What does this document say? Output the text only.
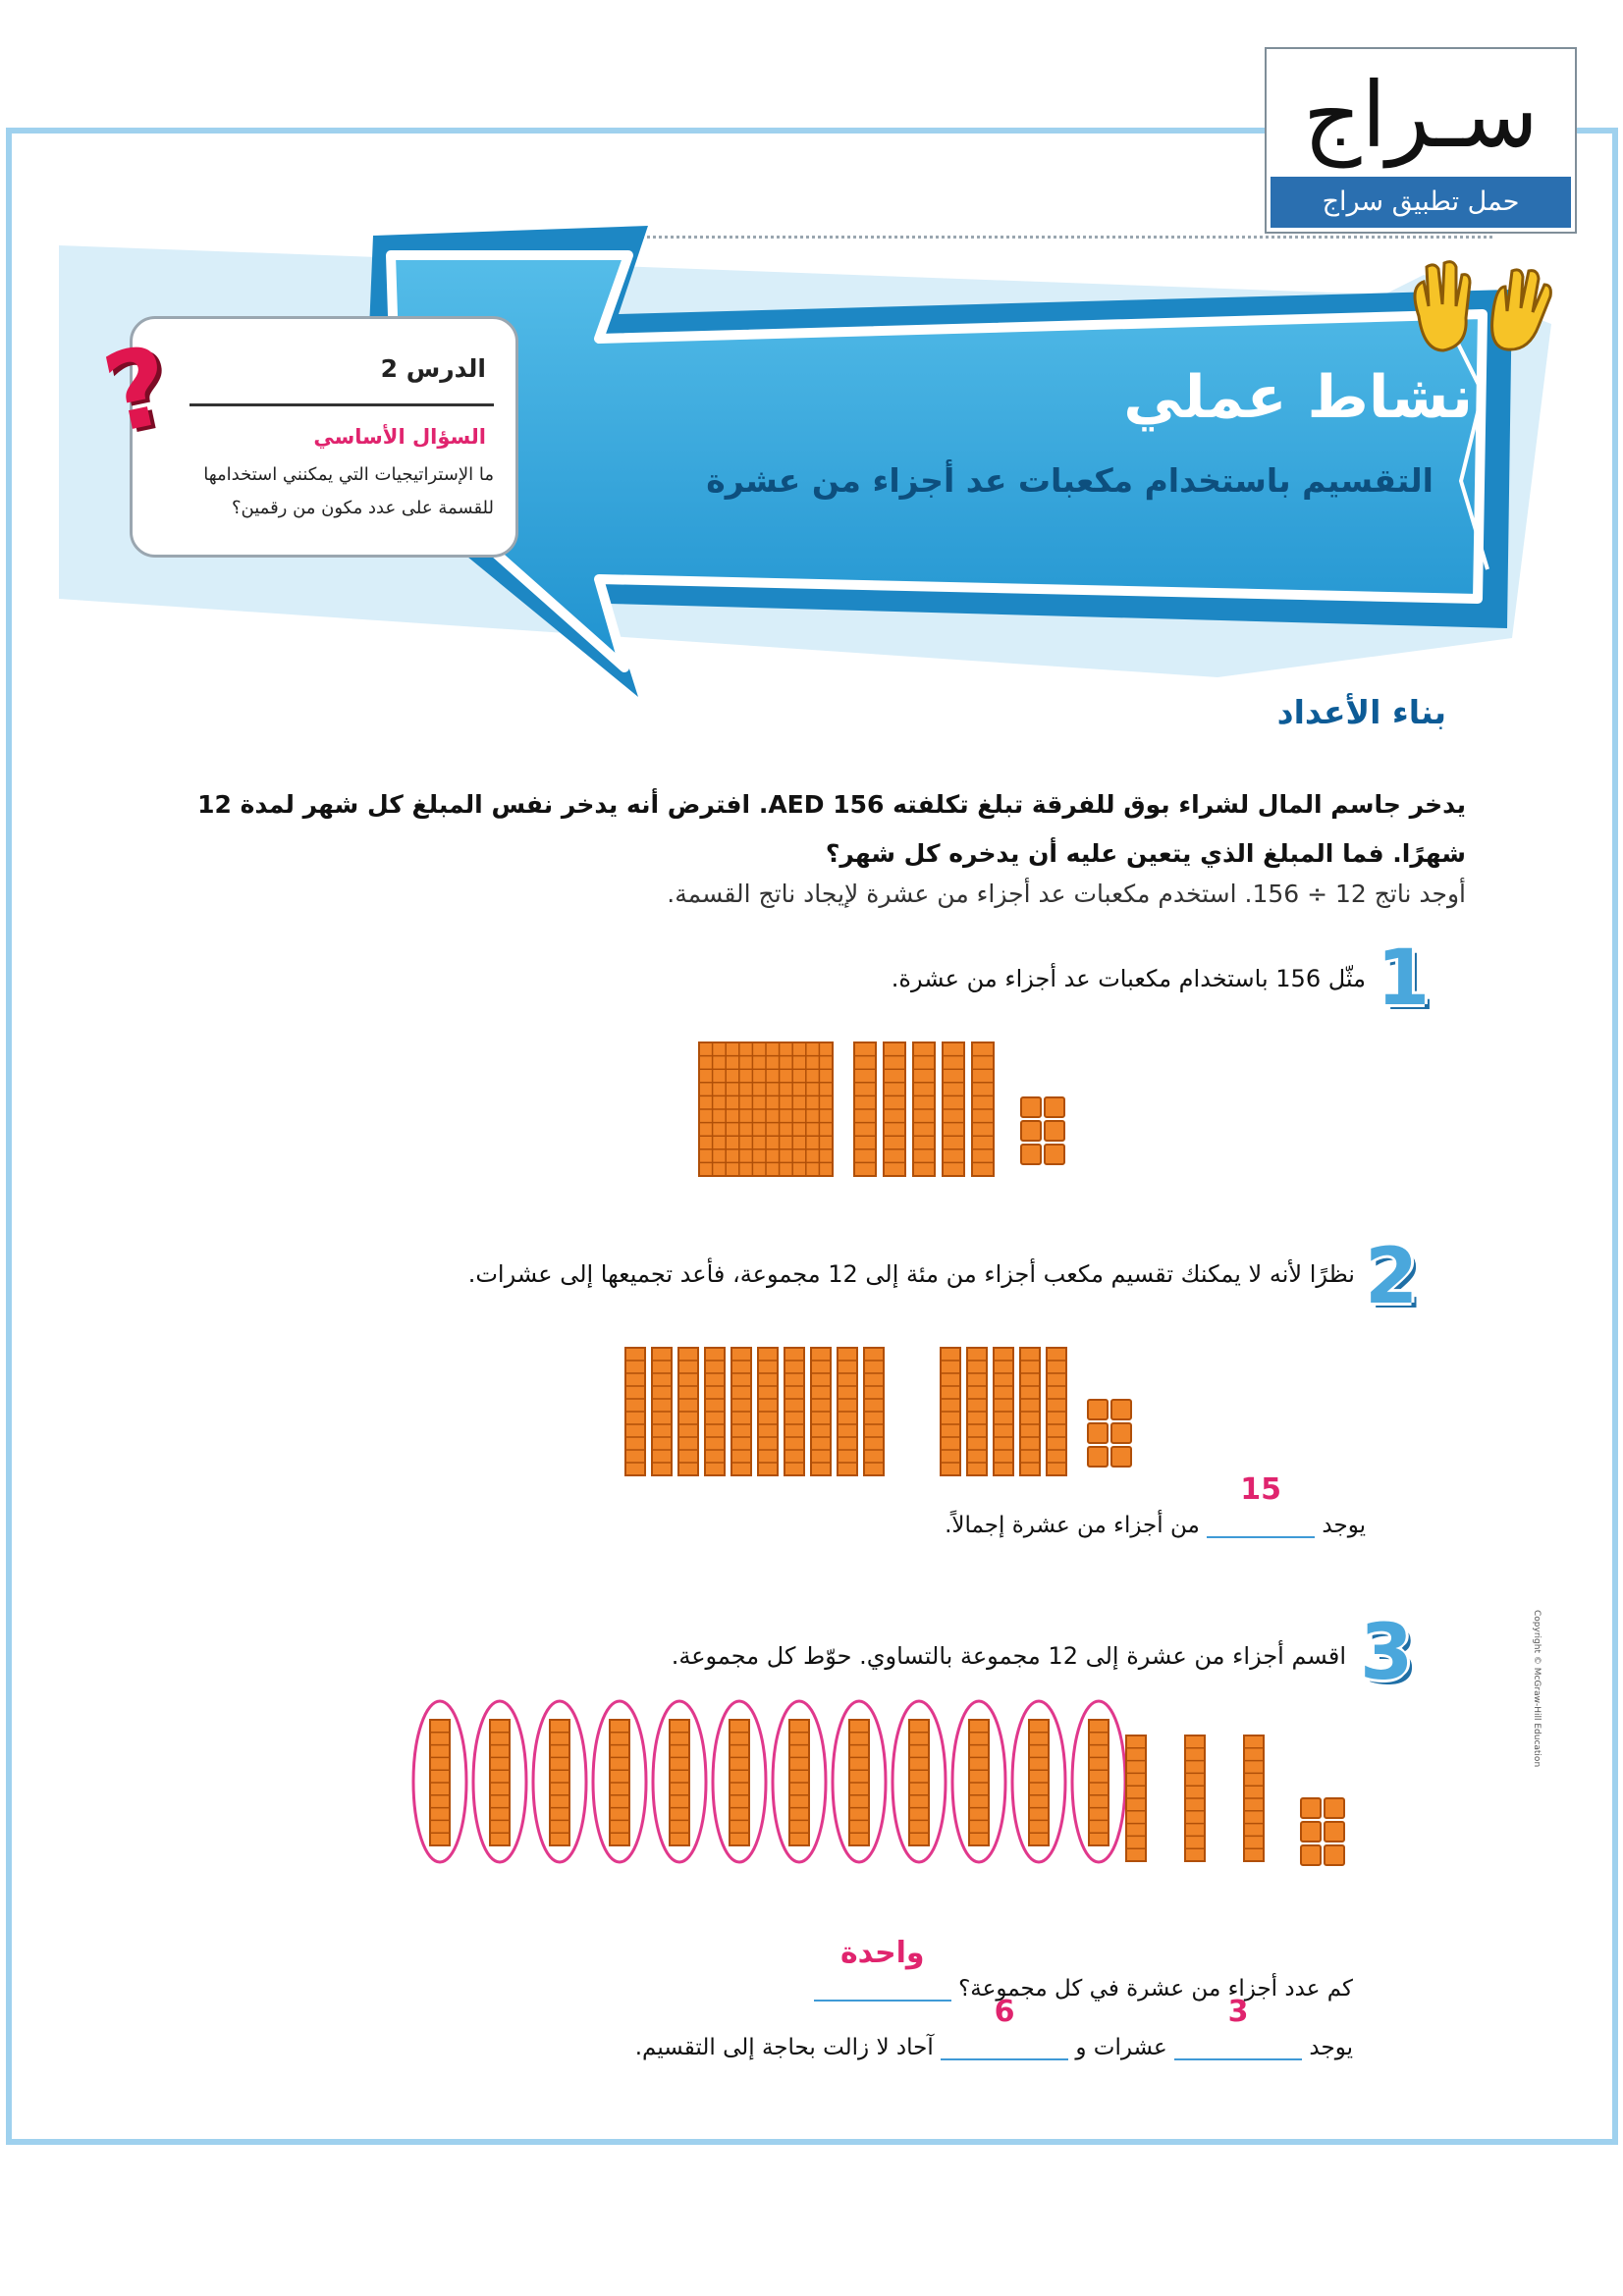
سـراج
حمل تطبيق سراج
نشاط عملي
التقسيم باستخدام مكعبات عد أجزاء من عشرة
الدرس 2
السؤال الأساسي
ما الإستراتيجيات التي يمكنني استخدامها للقسمة على عدد مكون من رقمين؟
?
بناء الأعداد
يدخر جاسم المال لشراء بوق للفرقة تبلغ تكلفته 156 AED. افترض أنه يدخر نفس المبلغ كل شهر لمدة 12 شهرًا. فما المبلغ الذي يتعين عليه أن يدخره كل شهر؟
أوجد ناتج 12 ÷ 156. استخدم مكعبات عد أجزاء من عشرة لإيجاد ناتج القسمة.
1
مثّل 156 باستخدام مكعبات عد أجزاء من عشرة.
2
نظرًا لأنه لا يمكنك تقسيم مكعب أجزاء من مئة إلى 12 مجموعة، فأعد تجميعها إلى عشرات.
يوجد 15 من أجزاء من عشرة إجمالاً.
3
اقسم أجزاء من عشرة إلى 12 مجموعة بالتساوي. حوّط كل مجموعة.
كم عدد أجزاء من عشرة في كل مجموعة؟ واحدة
يوجد 3 عشرات و 6 آحاد لا زالت بحاجة إلى التقسيم.
Copyright © McGraw-Hill Education
